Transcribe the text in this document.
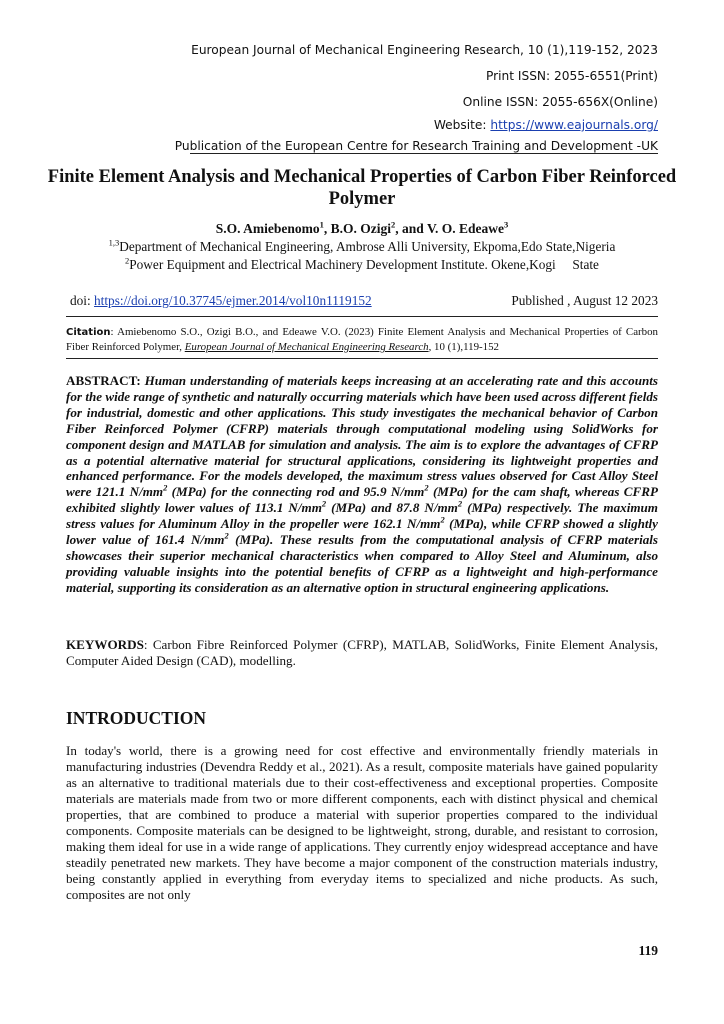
European Journal of Mechanical Engineering Research, 10 (1),119-152, 2023
Print ISSN: 2055-6551(Print)
Online ISSN: 2055-656X(Online)
Website: https://www.eajournals.org/
Publication of the European Centre for Research Training and Development -UK
Finite Element Analysis and Mechanical Properties of Carbon Fiber Reinforced Polymer
S.O. Amiebenomo$^1$, B.O. Ozigi$^2$, and V. O. Edeawe$^3$
$^{1,3}$Department of Mechanical Engineering, Ambrose Alli University, Ekpoma,Edo State,Nigeria
$^2$Power Equipment and Electrical Machinery Development Institute. Okene,Kogi     State
doi: https://doi.org/10.37745/ejmer.2014/vol10n1119152	Published , August 12 2023
Citation: Amiebenomo S.O., Ozigi B.O., and Edeawe V.O. (2023) Finite Element Analysis and Mechanical Properties of Carbon Fiber Reinforced Polymer, European Journal of Mechanical Engineering Research, 10 (1),119-152
ABSTRACT: Human understanding of materials keeps increasing at an accelerating rate and this accounts for the wide range of synthetic and naturally occurring materials which have been used across different fields for industrial, domestic and other applications. This study investigates the mechanical behavior of Carbon Fiber Reinforced Polymer (CFRP) materials through computational modeling using SolidWorks for component design and MATLAB for simulation and analysis. The aim is to explore the advantages of CFRP as a potential alternative material for structural applications, considering its lightweight properties and enhanced performance. For the models developed, the maximum stress values observed for Cast Alloy Steel were 121.1 $N/mm^2$ (MPa) for the connecting rod and 95.9 $N/mm^2$ (MPa) for the cam shaft, whereas CFRP exhibited slightly lower values of 113.1 $N/mm^2$ (MPa) and 87.8 $N/mm^2$ (MPa) respectively. The maximum stress values for Aluminum Alloy in the propeller were 162.1 $N/mm^2$ (MPa), while CFRP showed a slightly lower value of 161.4 $N/mm^2$ (MPa). These results from the computational analysis of CFRP materials showcases their superior mechanical characteristics when compared to Alloy Steel and Aluminum, also providing valuable insights into the potential benefits of CFRP as a lightweight and high-performance material, supporting its consideration as an alternative option in structural engineering applications.
KEYWORDS: Carbon Fibre Reinforced Polymer (CFRP), MATLAB, SolidWorks, Finite Element Analysis, Computer Aided Design (CAD), modelling.
INTRODUCTION
In today's world, there is a growing need for cost effective and environmentally friendly materials in manufacturing industries (Devendra Reddy et al., 2021). As a result, composite materials have gained popularity as an alternative to traditional materials due to their cost-effectiveness and exceptional properties. Composite materials are materials made from two or more different components, each with distinct physical and chemical properties, that are combined to produce a material with superior properties compared to the individual components. Composite materials can be designed to be lightweight, strong, durable, and resistant to corrosion, making them ideal for use in a wide range of applications. They currently enjoy widespread acceptance and have steadily penetrated new markets. They have become a major component of the construction materials industry, being constantly applied in everything from everyday items to specialized and niche products. As such, composites are not only
119
